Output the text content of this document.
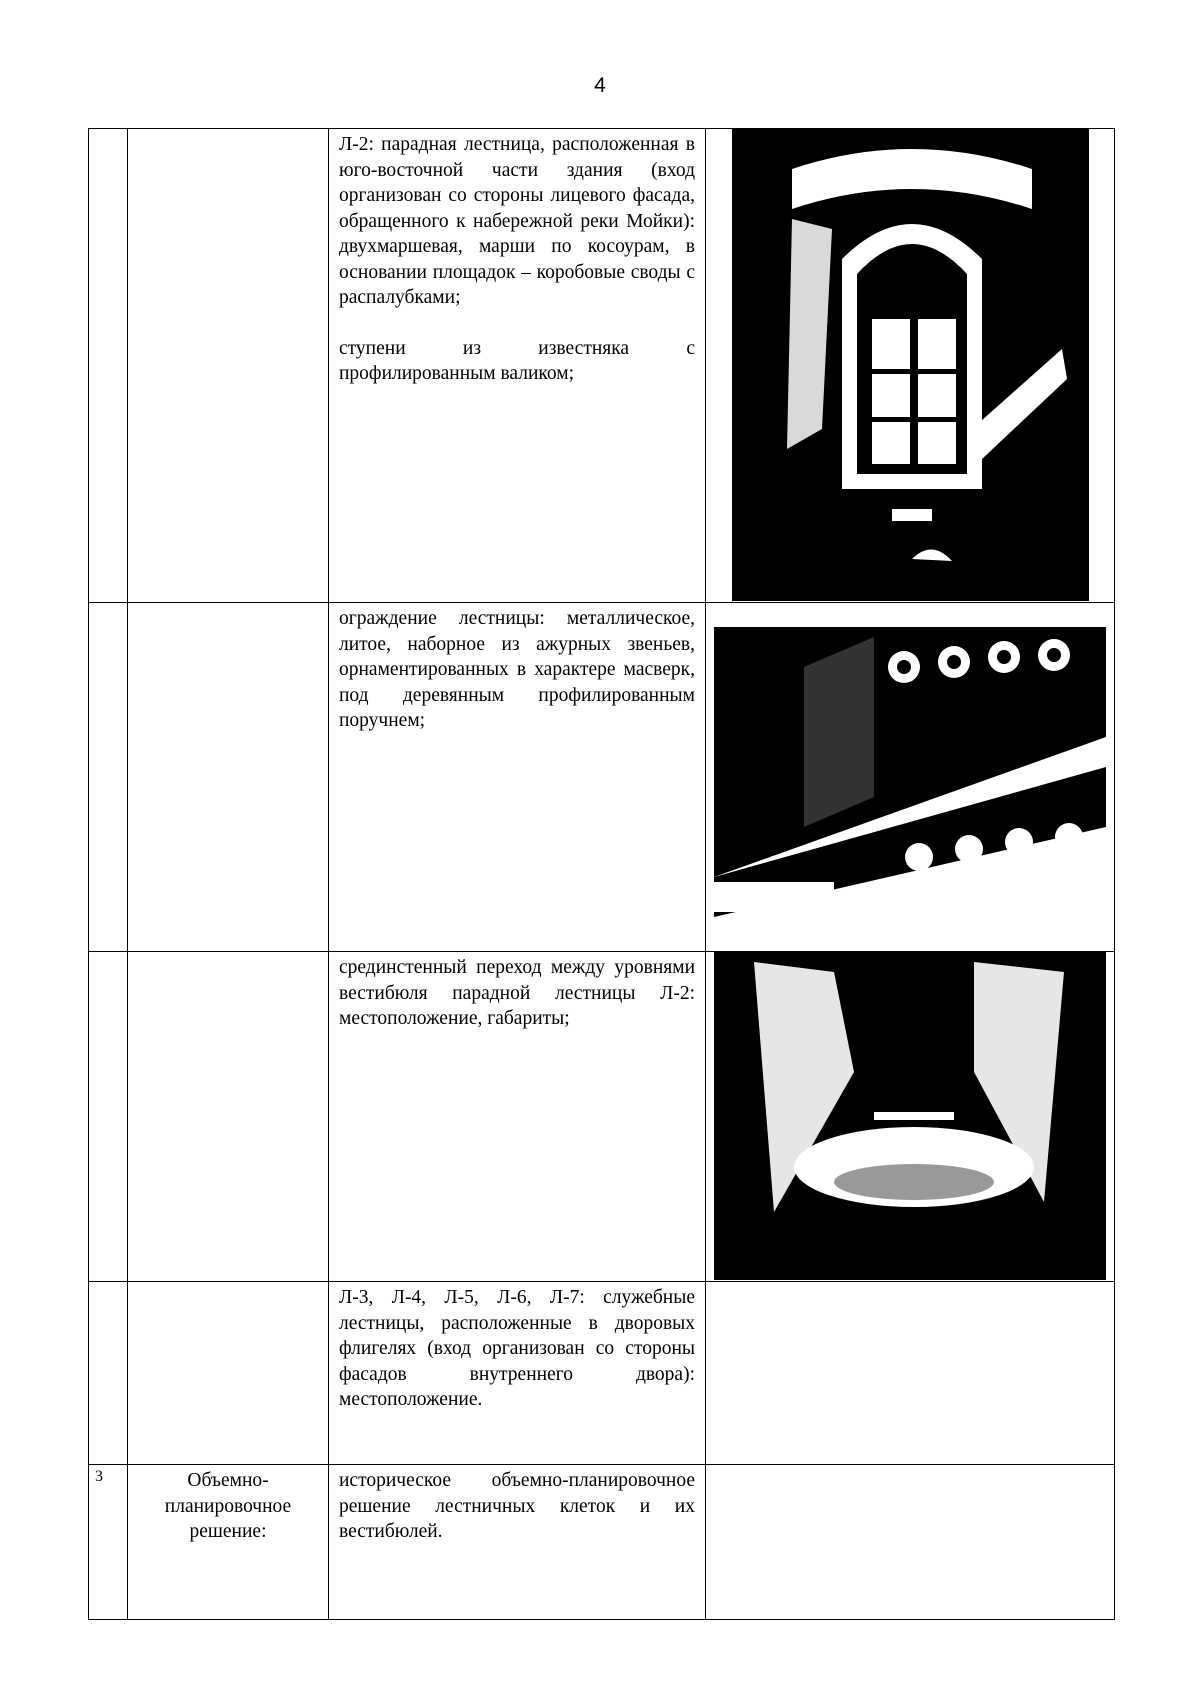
4

		Л-2: парадная лестница, расположенная в юго-восточной части здания (вход организован со стороны лицевого фасада, обращенного к набережной реки Мойки): двухмаршевая, марши по косоурам, в основании площадок – коробовые своды с распалубками;

ступени из известняка с профилированным валиком;

		ограждение лестницы: металлическое, литое, наборное из ажурных звеньев, орнаментированных в характере масверк, под деревянным профилированным поручнем;

		срединстенный переход между уровнями вестибюля парадной лестницы Л-2: местоположение, габариты;

		Л-3, Л-4, Л-5, Л-6, Л-7: служебные лестницы, расположенные в дворовых флигелях (вход организован со стороны фасадов внутреннего двора): местоположение.	

3	Объемно-планировочное решение:	историческое объемно-планировочное решение лестничных клеток и их вестибюлей.	
